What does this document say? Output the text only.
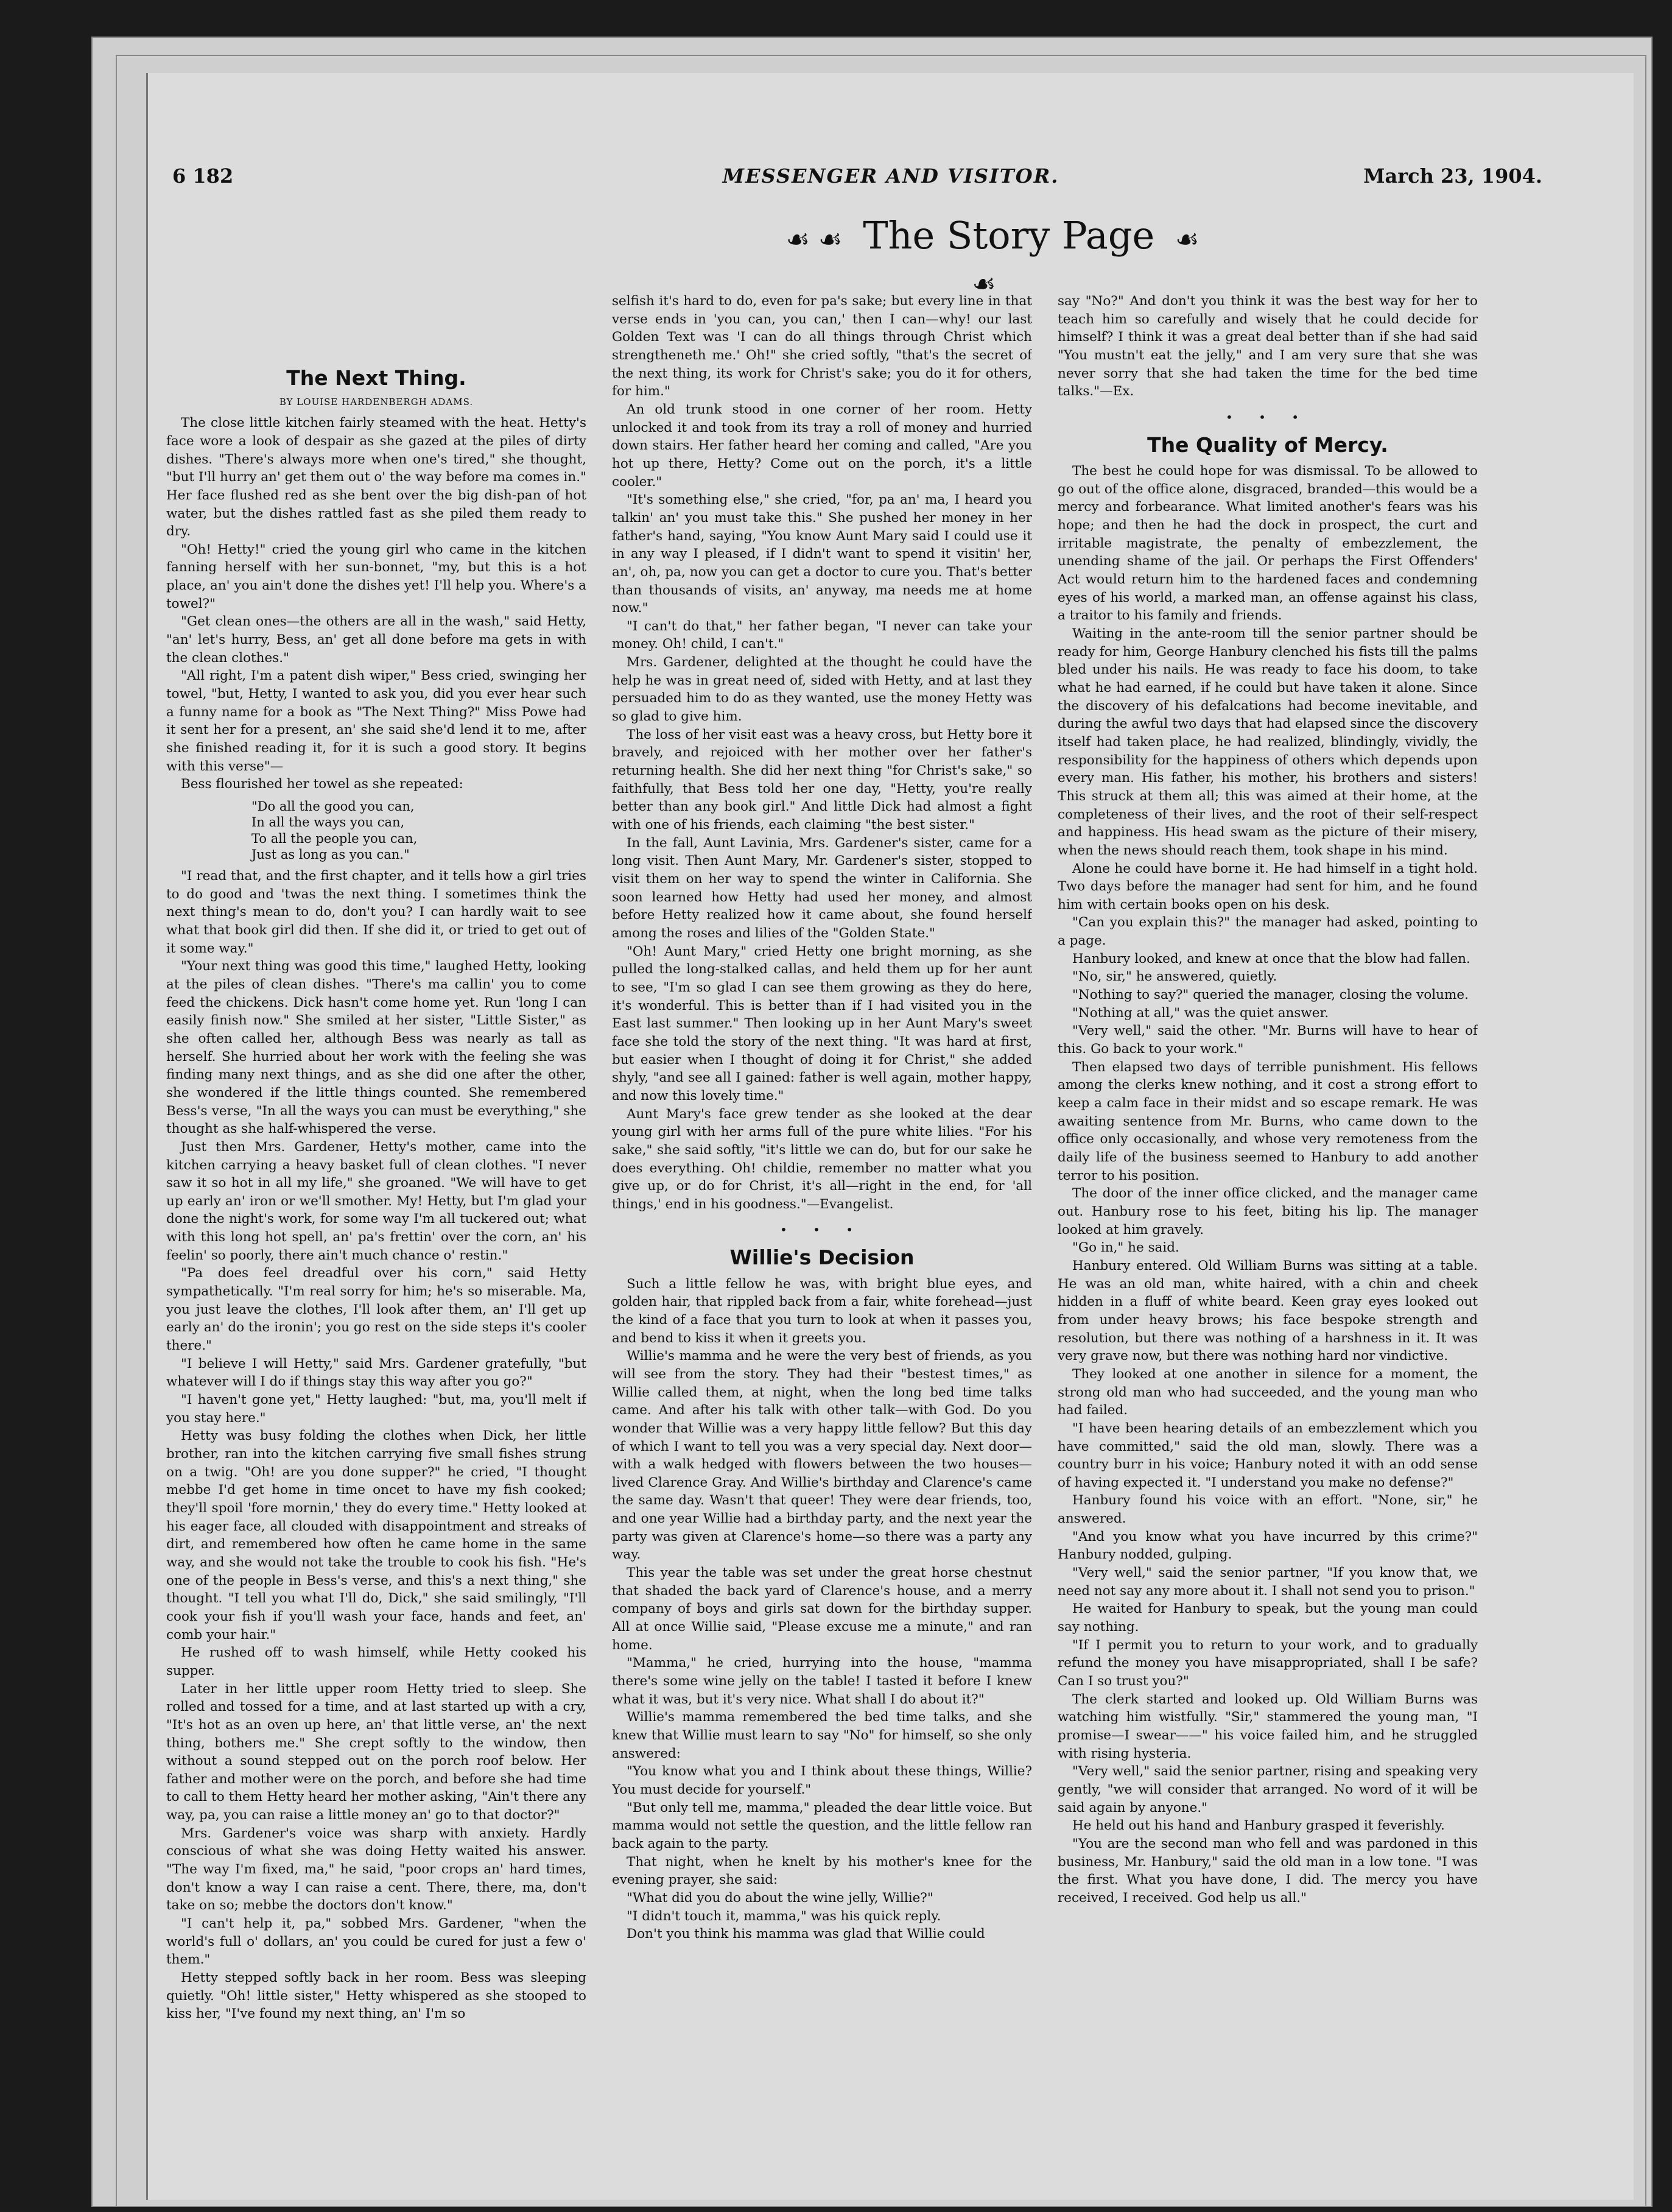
6 182	MESSENGER AND VISITOR.	March 23, 1904.
☙ ☙ The Story Page ☙ ☙
The Next Thing.
BY LOUISE HARDENBERGH ADAMS.

The close little kitchen fairly steamed with the heat. Hetty's face wore a look of despair as she gazed at the piles of dirty dishes. "There's always more when one's tired," she thought, "but I'll hurry an' get them out o' the way before ma comes in." Her face flushed red as she bent over the big dish-pan of hot water, but the dishes rattled fast as she piled them ready to dry.

"Oh! Hetty!" cried the young girl who came in the kitchen fanning herself with her sun-bonnet, "my, but this is a hot place, an' you ain't done the dishes yet! I'll help you. Where's a towel?"

"Get clean ones—the others are all in the wash," said Hetty, "an' let's hurry, Bess, an' get all done before ma gets in with the clean clothes."

"All right, I'm a patent dish wiper," Bess cried, swinging her towel, "but, Hetty, I wanted to ask you, did you ever hear such a funny name for a book as "The Next Thing?" Miss Powe had it sent her for a present, an' she said she'd lend it to me, after she finished reading it, for it is such a good story. It begins with this verse"—

Bess flourished her towel as she repeated:

"Do all the good you can,
In all the ways you can,
To all the people you can,
Just as long as you can."

"I read that, and the first chapter, and it tells how a girl tries to do good and 'twas the next thing. I sometimes think the next thing's mean to do, don't you? I can hardly wait to see what that book girl did then. If she did it, or tried to get out of it some way."

"Your next thing was good this time," laughed Hetty, looking at the piles of clean dishes. "There's ma callin' you to come feed the chickens. Dick hasn't come home yet. Run 'long I can easily finish now." She smiled at her sister, "Little Sister," as she often called her, although Bess was nearly as tall as herself. She hurried about her work with the feeling she was finding many next things, and as she did one after the other, she wondered if the little things counted. She remembered Bess's verse, "In all the ways you can must be everything," she thought as she half-whispered the verse.

Just then Mrs. Gardener, Hetty's mother, came into the kitchen carrying a heavy basket full of clean clothes. "I never saw it so hot in all my life," she groaned. "We will have to get up early an' iron or we'll smother. My! Hetty, but I'm glad your done the night's work, for some way I'm all tuckered out; what with this long hot spell, an' pa's frettin' over the corn, an' his feelin' so poorly, there ain't much chance o' restin."

"Pa does feel dreadful over his corn," said Hetty sympathetically. "I'm real sorry for him; he's so miserable. Ma, you just leave the clothes, I'll look after them, an' I'll get up early an' do the ironin'; you go rest on the side steps it's cooler there."

"I believe I will Hetty," said Mrs. Gardener gratefully, "but whatever will I do if things stay this way after you go?"

"I haven't gone yet," Hetty laughed: "but, ma, you'll melt if you stay here."

Hetty was busy folding the clothes when Dick, her little brother, ran into the kitchen carrying five small fishes strung on a twig. "Oh! are you done supper?" he cried, "I thought mebbe I'd get home in time oncet to have my fish cooked; they'll spoil 'fore mornin,' they do every time." Hetty looked at his eager face, all clouded with disappointment and streaks of dirt, and remembered how often he came home in the same way, and she would not take the trouble to cook his fish. "He's one of the people in Bess's verse, and this's a next thing," she thought. "I tell you what I'll do, Dick," she said smilingly, "I'll cook your fish if you'll wash your face, hands and feet, an' comb your hair."

He rushed off to wash himself, while Hetty cooked his supper.

Later in her little upper room Hetty tried to sleep. She rolled and tossed for a time, and at last started up with a cry, "It's hot as an oven up here, an' that little verse, an' the next thing, bothers me." She crept softly to the window, then without a sound stepped out on the porch roof below. Her father and mother were on the porch, and before she had time to call to them Hetty heard her mother asking, "Ain't there any way, pa, you can raise a little money an' go to that doctor?"

Mrs. Gardener's voice was sharp with anxiety. Hardly conscious of what she was doing Hetty waited his answer. "The way I'm fixed, ma," he said, "poor crops an' hard times, don't know a way I can raise a cent. There, there, ma, don't take on so; mebbe the doctors don't know."

"I can't help it, pa," sobbed Mrs. Gardener, "when the world's full o' dollars, an' you could be cured for just a few o' them."

Hetty stepped softly back in her room. Bess was sleeping quietly. "Oh! little sister," Hetty whispered as she stooped to kiss her, "I've found my next thing, an' I'm so

selfish it's hard to do, even for pa's sake; but every line in that verse ends in 'you can, you can,' then I can—why! our last Golden Text was 'I can do all things through Christ which strengtheneth me.' Oh!" she cried softly, "that's the secret of the next thing, its work for Christ's sake; you do it for others, for him."

An old trunk stood in one corner of her room. Hetty unlocked it and took from its tray a roll of money and hurried down stairs. Her father heard her coming and called, "Are you hot up there, Hetty? Come out on the porch, it's a little cooler."

"It's something else," she cried, "for, pa an' ma, I heard you talkin' an' you must take this." She pushed her money in her father's hand, saying, "You know Aunt Mary said I could use it in any way I pleased, if I didn't want to spend it visitin' her, an', oh, pa, now you can get a doctor to cure you. That's better than thousands of visits, an' anyway, ma needs me at home now."

"I can't do that," her father began, "I never can take your money. Oh! child, I can't."

Mrs. Gardener, delighted at the thought he could have the help he was in great need of, sided with Hetty, and at last they persuaded him to do as they wanted, use the money Hetty was so glad to give him.

The loss of her visit east was a heavy cross, but Hetty bore it bravely, and rejoiced with her mother over her father's returning health. She did her next thing "for Christ's sake," so faithfully, that Bess told her one day, "Hetty, you're really better than any book girl." And little Dick had almost a fight with one of his friends, each claiming "the best sister."

In the fall, Aunt Lavinia, Mrs. Gardener's sister, came for a long visit. Then Aunt Mary, Mr. Gardener's sister, stopped to visit them on her way to spend the winter in California. She soon learned how Hetty had used her money, and almost before Hetty realized how it came about, she found herself among the roses and lilies of the "Golden State."

"Oh! Aunt Mary," cried Hetty one bright morning, as she pulled the long-stalked callas, and held them up for her aunt to see, "I'm so glad I can see them growing as they do here, it's wonderful. This is better than if I had visited you in the East last summer." Then looking up in her Aunt Mary's sweet face she told the story of the next thing. "It was hard at first, but easier when I thought of doing it for Christ," she added shyly, "and see all I gained: father is well again, mother happy, and now this lovely time."

Aunt Mary's face grew tender as she looked at the dear young girl with her arms full of the pure white lilies. "For his sake," she said softly, "it's little we can do, but for our sake he does everything. Oh! childie, remember no matter what you give up, or do for Christ, it's all—right in the end, for 'all things,' end in his goodness."—Evangelist.

• • •
Willie's Decision

Such a little fellow he was, with bright blue eyes, and golden hair, that rippled back from a fair, white forehead—just the kind of a face that you turn to look at when it passes you, and bend to kiss it when it greets you.

Willie's mamma and he were the very best of friends, as you will see from the story. They had their "bestest times," as Willie called them, at night, when the long bed time talks came. And after his talk with other talk—with God. Do you wonder that Willie was a very happy little fellow? But this day of which I want to tell you was a very special day. Next door—with a walk hedged with flowers between the two houses—lived Clarence Gray. And Willie's birthday and Clarence's came the same day. Wasn't that queer! They were dear friends, too, and one year Willie had a birthday party, and the next year the party was given at Clarence's home—so there was a party any way.

This year the table was set under the great horse chestnut that shaded the back yard of Clarence's house, and a merry company of boys and girls sat down for the birthday supper. All at once Willie said, "Please excuse me a minute," and ran home.

"Mamma," he cried, hurrying into the house, "mamma there's some wine jelly on the table! I tasted it before I knew what it was, but it's very nice. What shall I do about it?"

Willie's mamma remembered the bed time talks, and she knew that Willie must learn to say "No" for himself, so she only answered:

"You know what you and I think about these things, Willie? You must decide for yourself."

"But only tell me, mamma," pleaded the dear little voice. But mamma would not settle the question, and the little fellow ran back again to the party.

That night, when he knelt by his mother's knee for the evening prayer, she said:

"What did you do about the wine jelly, Willie?"

"I didn't touch it, mamma," was his quick reply.

Don't you think his mamma was glad that Willie could

say "No?" And don't you think it was the best way for her to teach him so carefully and wisely that he could decide for himself? I think it was a great deal better than if she had said "You mustn't eat the jelly," and I am very sure that she was never sorry that she had taken the time for the bed time talks."—Ex.

• • •
The Quality of Mercy.

The best he could hope for was dismissal. To be allowed to go out of the office alone, disgraced, branded—this would be a mercy and forbearance. What limited another's fears was his hope; and then he had the dock in prospect, the curt and irritable magistrate, the penalty of embezzlement, the unending shame of the jail. Or perhaps the First Offenders' Act would return him to the hardened faces and condemning eyes of his world, a marked man, an offense against his class, a traitor to his family and friends.

Waiting in the ante-room till the senior partner should be ready for him, George Hanbury clenched his fists till the palms bled under his nails. He was ready to face his doom, to take what he had earned, if he could but have taken it alone. Since the discovery of his defalcations had become inevitable, and during the awful two days that had elapsed since the discovery itself had taken place, he had realized, blindingly, vividly, the responsibility for the happiness of others which depends upon every man. His father, his mother, his brothers and sisters! This struck at them all; this was aimed at their home, at the completeness of their lives, and the root of their self-respect and happiness. His head swam as the picture of their misery, when the news should reach them, took shape in his mind.

Alone he could have borne it. He had himself in a tight hold. Two days before the manager had sent for him, and he found him with certain books open on his desk.

"Can you explain this?" the manager had asked, pointing to a page.

Hanbury looked, and knew at once that the blow had fallen.

"No, sir," he answered, quietly.

"Nothing to say?" queried the manager, closing the volume.

"Nothing at all," was the quiet answer.

"Very well," said the other. "Mr. Burns will have to hear of this. Go back to your work."

Then elapsed two days of terrible punishment. His fellows among the clerks knew nothing, and it cost a strong effort to keep a calm face in their midst and so escape remark. He was awaiting sentence from Mr. Burns, who came down to the office only occasionally, and whose very remoteness from the daily life of the business seemed to Hanbury to add another terror to his position.

The door of the inner office clicked, and the manager came out. Hanbury rose to his feet, biting his lip. The manager looked at him gravely.

"Go in," he said.

Hanbury entered. Old William Burns was sitting at a table. He was an old man, white haired, with a chin and cheek hidden in a fluff of white beard. Keen gray eyes looked out from under heavy brows; his face bespoke strength and resolution, but there was nothing of a harshness in it. It was very grave now, but there was nothing hard nor vindictive.

They looked at one another in silence for a moment, the strong old man who had succeeded, and the young man who had failed.

"I have been hearing details of an embezzlement which you have committed," said the old man, slowly. There was a country burr in his voice; Hanbury noted it with an odd sense of having expected it. "I understand you make no defense?"

Hanbury found his voice with an effort. "None, sir," he answered.

"And you know what you have incurred by this crime?" Hanbury nodded, gulping.

"Very well," said the senior partner, "If you know that, we need not say any more about it. I shall not send you to prison."

He waited for Hanbury to speak, but the young man could say nothing.

"If I permit you to return to your work, and to gradually refund the money you have misappropriated, shall I be safe? Can I so trust you?"

The clerk started and looked up. Old William Burns was watching him wistfully. "Sir," stammered the young man, "I promise—I swear——" his voice failed him, and he struggled with rising hysteria.

"Very well," said the senior partner, rising and speaking very gently, "we will consider that arranged. No word of it will be said again by anyone."

He held out his hand and Hanbury grasped it feverishly.

"You are the second man who fell and was pardoned in this business, Mr. Hanbury," said the old man in a low tone. "I was the first. What you have done, I did. The mercy you have received, I received. God help us all."
